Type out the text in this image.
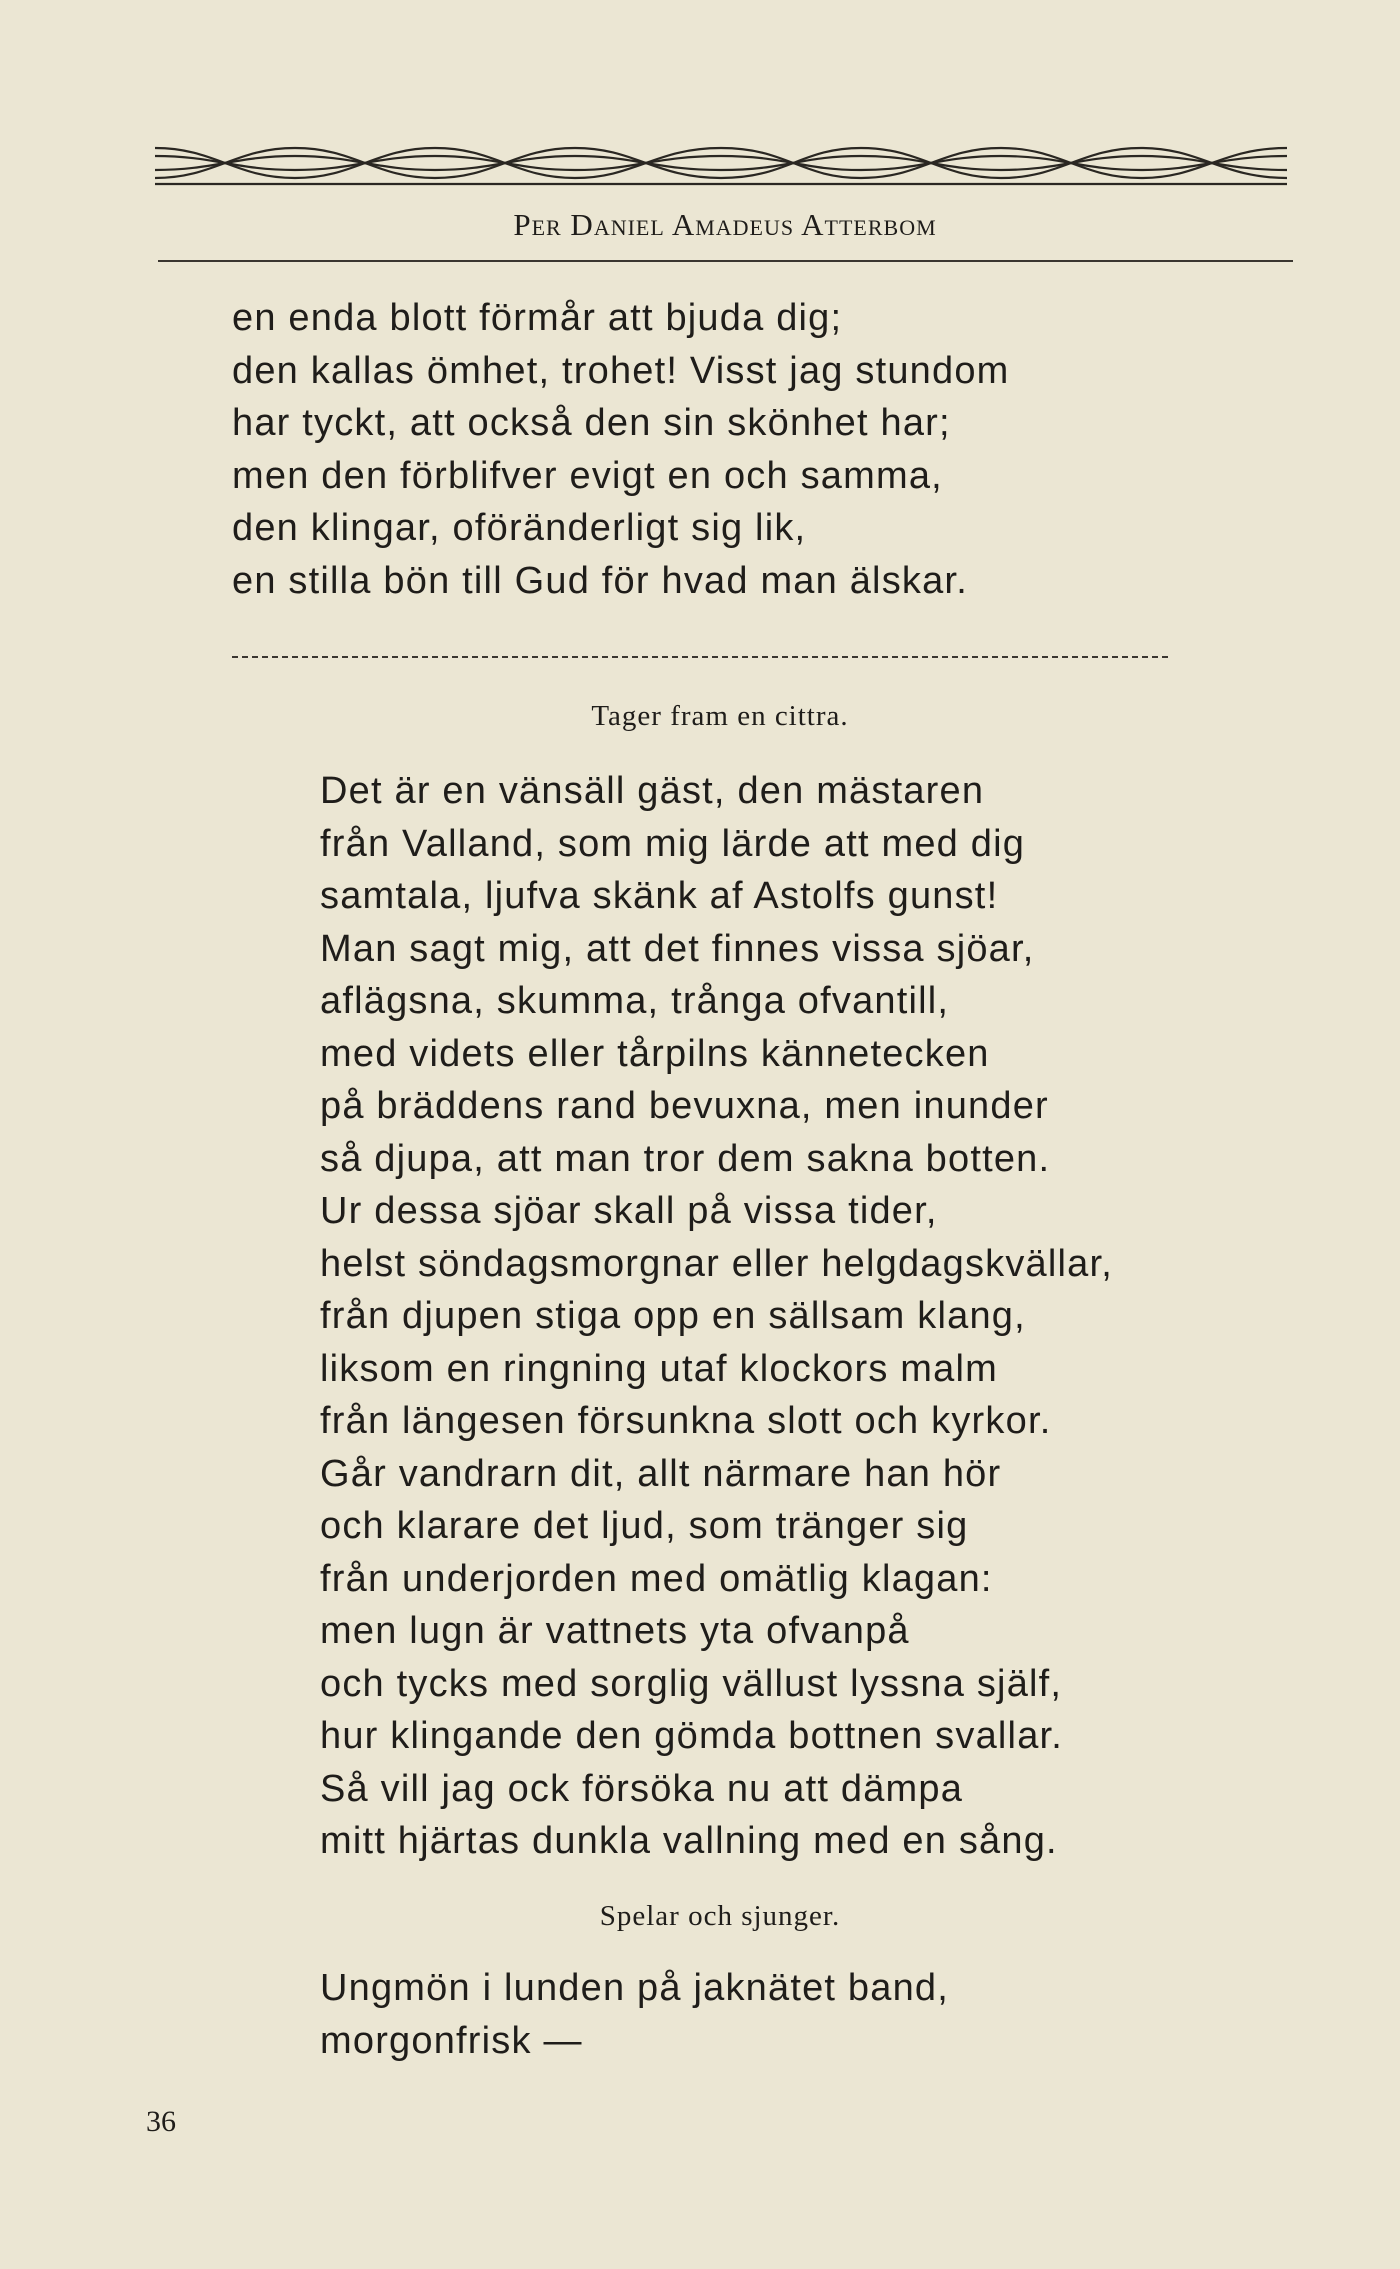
Per Daniel Amadeus Atterbom
en enda blott förmår att bjuda dig;
den kallas ömhet, trohet! Visst jag stundom
har tyckt, att också den sin skönhet har;
men den förblifver evigt en och samma,
den klingar, oföränderligt sig lik,
en stilla bön till Gud för hvad man älskar.
Tager fram en cittra.
Det är en vänsäll gäst, den mästaren
från Valland, som mig lärde att med dig
samtala, ljufva skänk af Astolfs gunst!
Man sagt mig, att det finnes vissa sjöar,
aflägsna, skumma, trånga ofvantill,
med videts eller tårpilns kännetecken
på bräddens rand bevuxna, men inunder
så djupa, att man tror dem sakna botten.
Ur dessa sjöar skall på vissa tider,
helst söndagsmorgnar eller helgdagskvällar,
från djupen stiga opp en sällsam klang,
liksom en ringning utaf klockors malm
från längesen försunkna slott och kyrkor.
Går vandrarn dit, allt närmare han hör
och klarare det ljud, som tränger sig
från underjorden med omätlig klagan:
men lugn är vattnets yta ofvanpå
och tycks med sorglig vällust lyssna själf,
hur klingande den gömda bottnen svallar.
Så vill jag ock försöka nu att dämpa
mitt hjärtas dunkla vallning med en sång.
Spelar och sjunger.
Ungmön i lunden på jaknätet band,
morgonfrisk —
36
